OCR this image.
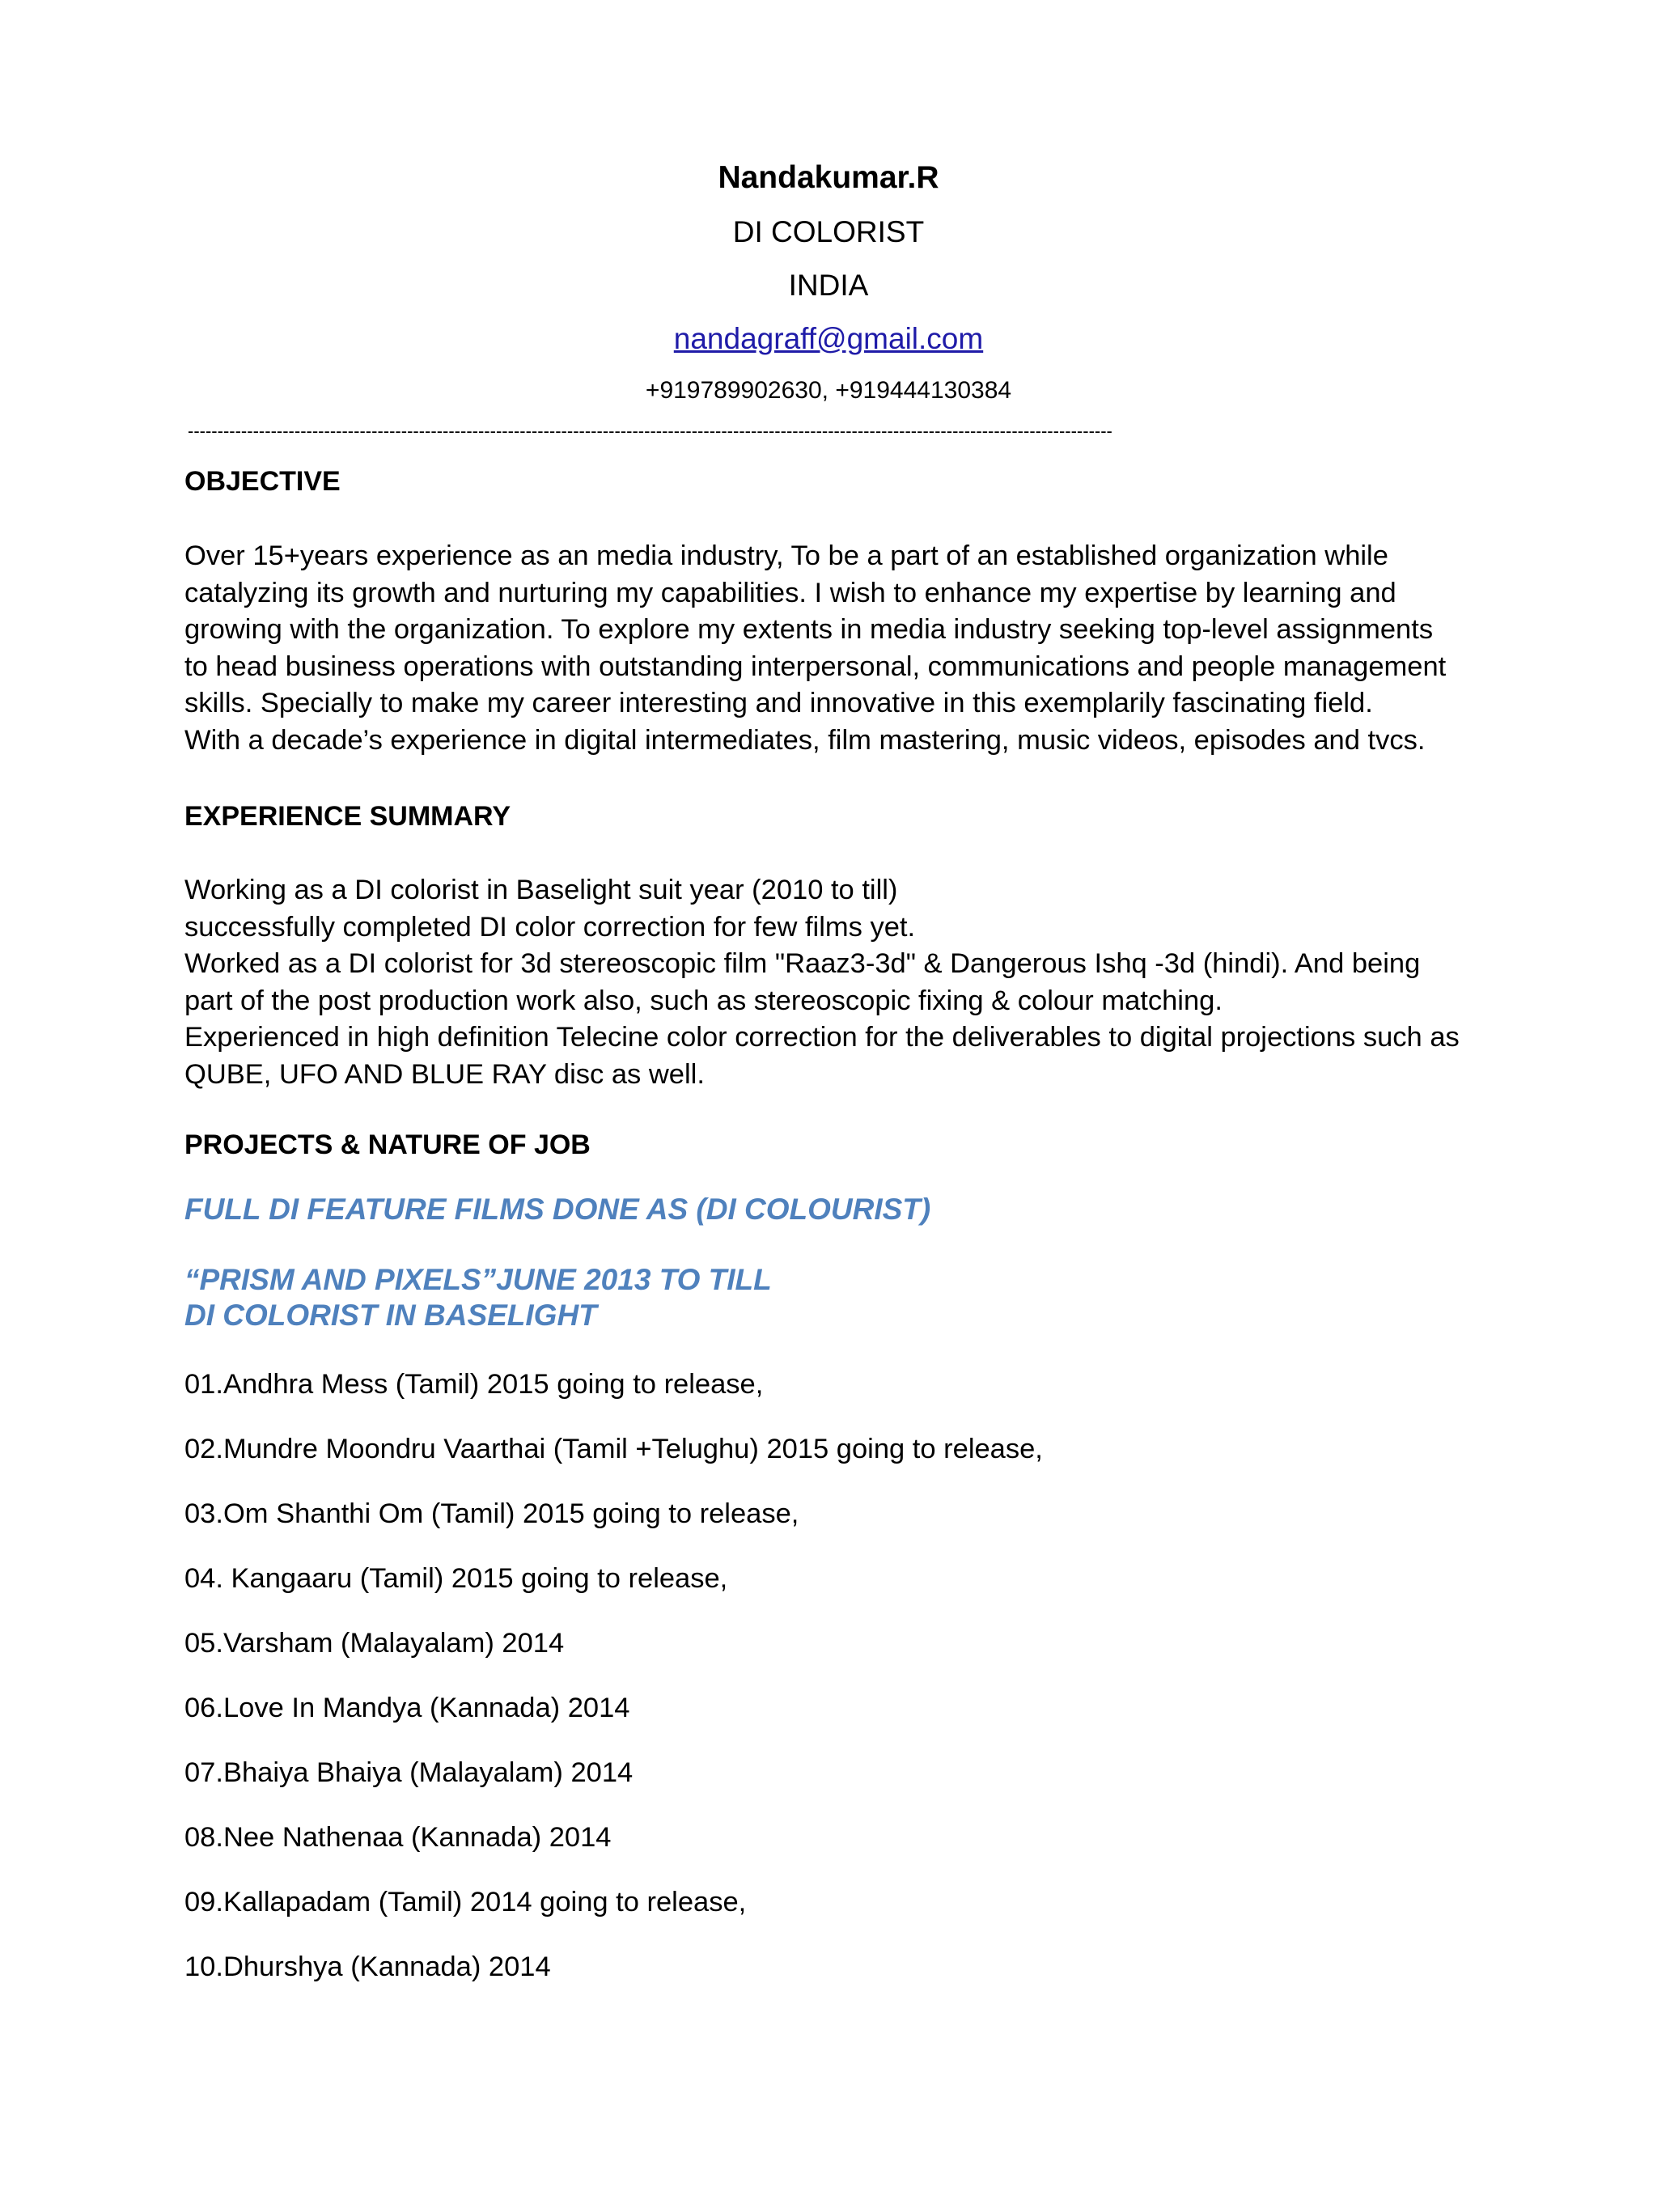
Nandakumar.R
DI COLORIST
INDIA
nandagraff@gmail.com
+919789902630, +919444130384
------------------------------------------------------------------------------------------------------------------------------------------------------------
OBJECTIVE
Over 15+years experience as an media industry, To be a part of an established organization while
catalyzing its growth and nurturing my capabilities. I wish to enhance my expertise by learning and
growing with the organization. To explore my extents in media industry seeking top-level assignments
to head business operations with outstanding interpersonal, communications and people management
skills. Specially to make my career interesting and innovative in this exemplarily fascinating field.
With a decade’s experience in digital intermediates, film mastering, music videos, episodes and tvcs.
EXPERIENCE SUMMARY
Working as a DI colorist in Baselight suit year (2010 to till)
successfully completed DI color correction for few films yet.
Worked as a DI colorist for 3d stereoscopic film "Raaz3-3d" & Dangerous Ishq -3d (hindi). And being
part of the post production work also, such as stereoscopic fixing & colour matching.
Experienced in high definition Telecine color correction for the deliverables to digital projections such as
QUBE, UFO AND BLUE RAY disc as well.
PROJECTS & NATURE OF JOB
FULL DI FEATURE FILMS DONE AS (DI COLOURIST)
“PRISM AND PIXELS”JUNE 2013 TO TILL
DI COLORIST IN BASELIGHT
01.Andhra Mess (Tamil) 2015 going to release,
02.Mundre Moondru Vaarthai (Tamil +Telughu) 2015 going to release,
03.Om Shanthi Om (Tamil) 2015 going to release,
04. Kangaaru (Tamil) 2015 going to release,
05.Varsham (Malayalam) 2014
06.Love In Mandya (Kannada) 2014
07.Bhaiya Bhaiya (Malayalam) 2014
08.Nee Nathenaa (Kannada) 2014
09.Kallapadam (Tamil) 2014 going to release,
10.Dhurshya (Kannada) 2014
